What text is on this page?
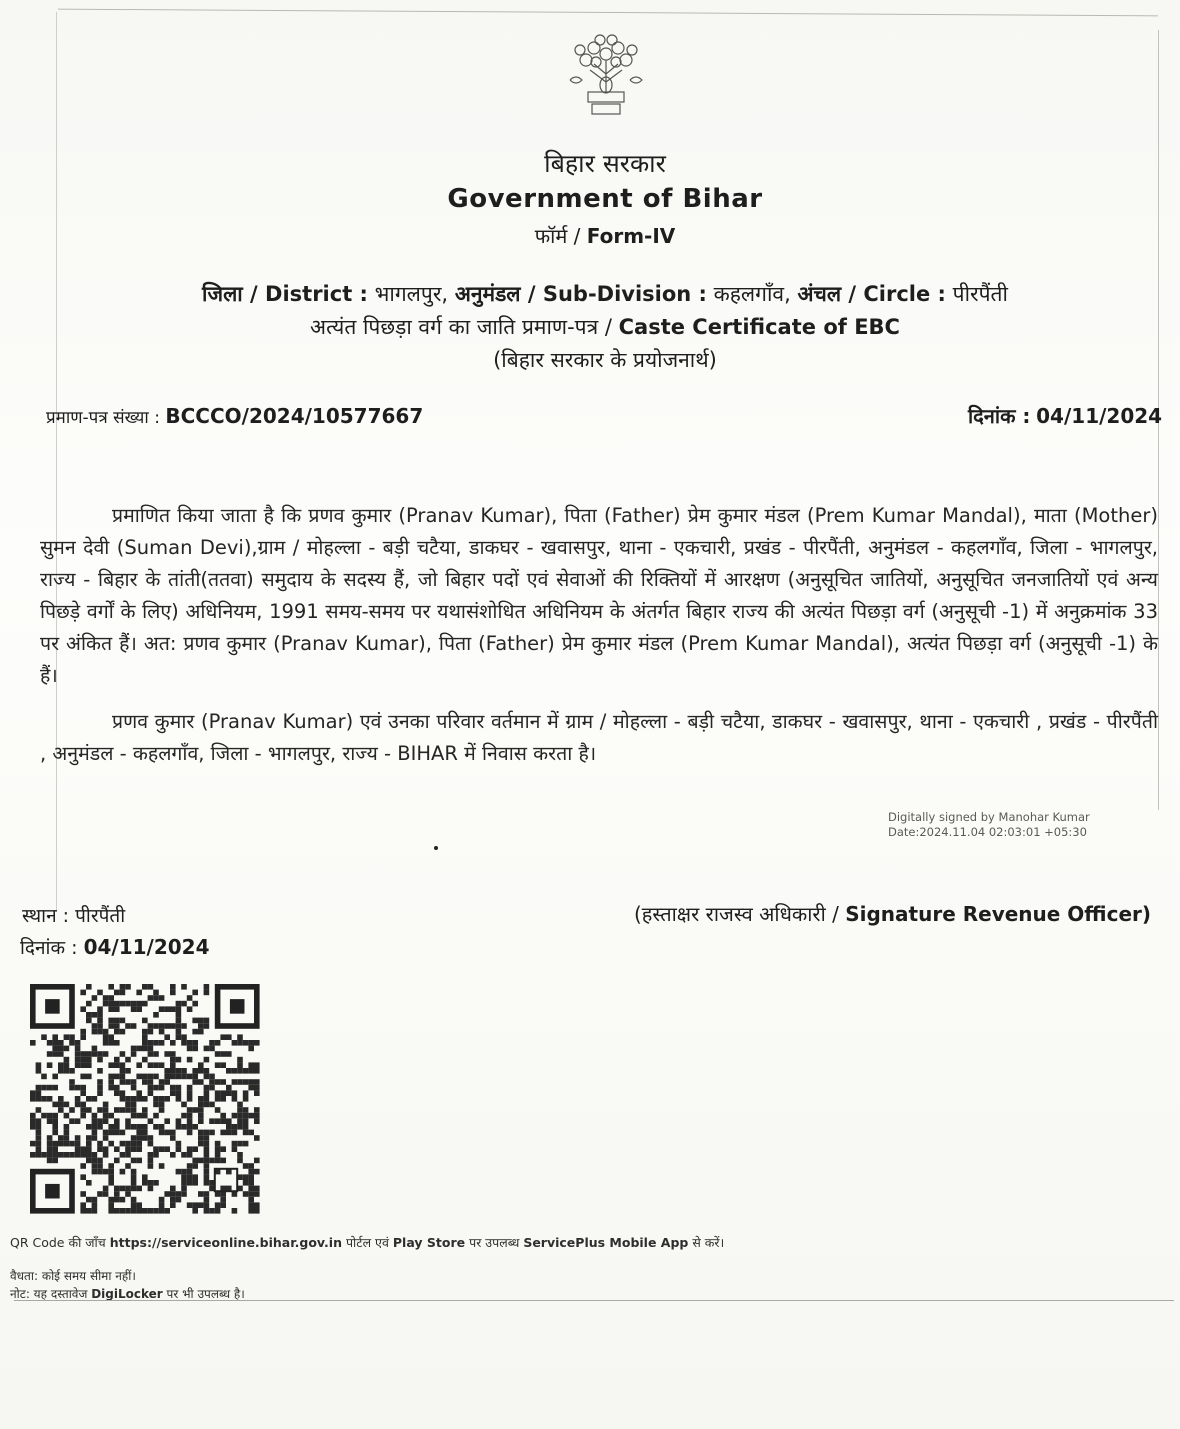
बिहार सरकार
Government of Bihar
फॉर्म / Form-IV
जिला / District : भागलपुर, अनुमंडल / Sub-Division : कहलगाँव, अंचल / Circle : पीरपैंती
अत्यंत पिछड़ा वर्ग का जाति प्रमाण-पत्र / Caste Certificate of EBC
(बिहार सरकार के प्रयोजनार्थ)
प्रमाण-पत्र संख्या : BCCCO/2024/10577667	दिनांक : 04/11/2024
प्रमाणित किया जाता है कि प्रणव कुमार (Pranav Kumar), पिता (Father) प्रेम कुमार मंडल (Prem Kumar Mandal), माता (Mother) सुमन देवी (Suman Devi),ग्राम / मोहल्ला - बड़ी चटैया, डाकघर - खवासपुर, थाना - एकचारी, प्रखंड - पीरपैंती, अनुमंडल - कहलगाँव, जिला - भागलपुर, राज्य - बिहार के तांती(ततवा) समुदाय के सदस्य हैं, जो बिहार पदों एवं सेवाओं की रिक्तियों में आरक्षण (अनुसूचित जातियों, अनुसूचित जनजातियों एवं अन्य पिछड़े वर्गों के लिए) अधिनियम, 1991 समय-समय पर यथासंशोधित अधिनियम के अंतर्गत बिहार राज्य की अत्यंत पिछड़ा वर्ग (अनुसूची -1) में अनुक्रमांक 33 पर अंकित हैं। अत: प्रणव कुमार (Pranav Kumar), पिता (Father) प्रेम कुमार मंडल (Prem Kumar Mandal), अत्यंत पिछड़ा वर्ग (अनुसूची -1) के हैं।
प्रणव कुमार (Pranav Kumar) एवं उनका परिवार वर्तमान में ग्राम / मोहल्ला - बड़ी चटैया, डाकघर - खवासपुर, थाना - एकचारी , प्रखंड - पीरपैंती , अनुमंडल - कहलगाँव, जिला - भागलपुर, राज्य - BIHAR में निवास करता है।
Digitally signed by Manohar Kumar
Date:2024.11.04 02:03:01 +05:30
स्थान : पीरपैंती
दिनांक : 04/11/2024
(हस्ताक्षर राजस्व अधिकारी / Signature Revenue Officer)
QR Code की जाँच https://serviceonline.bihar.gov.in पोर्टल एवं Play Store पर उपलब्ध ServicePlus Mobile App से करें।
वैधता: कोई समय सीमा नहीं।
नोट: यह दस्तावेज DigiLocker पर भी उपलब्ध है।
